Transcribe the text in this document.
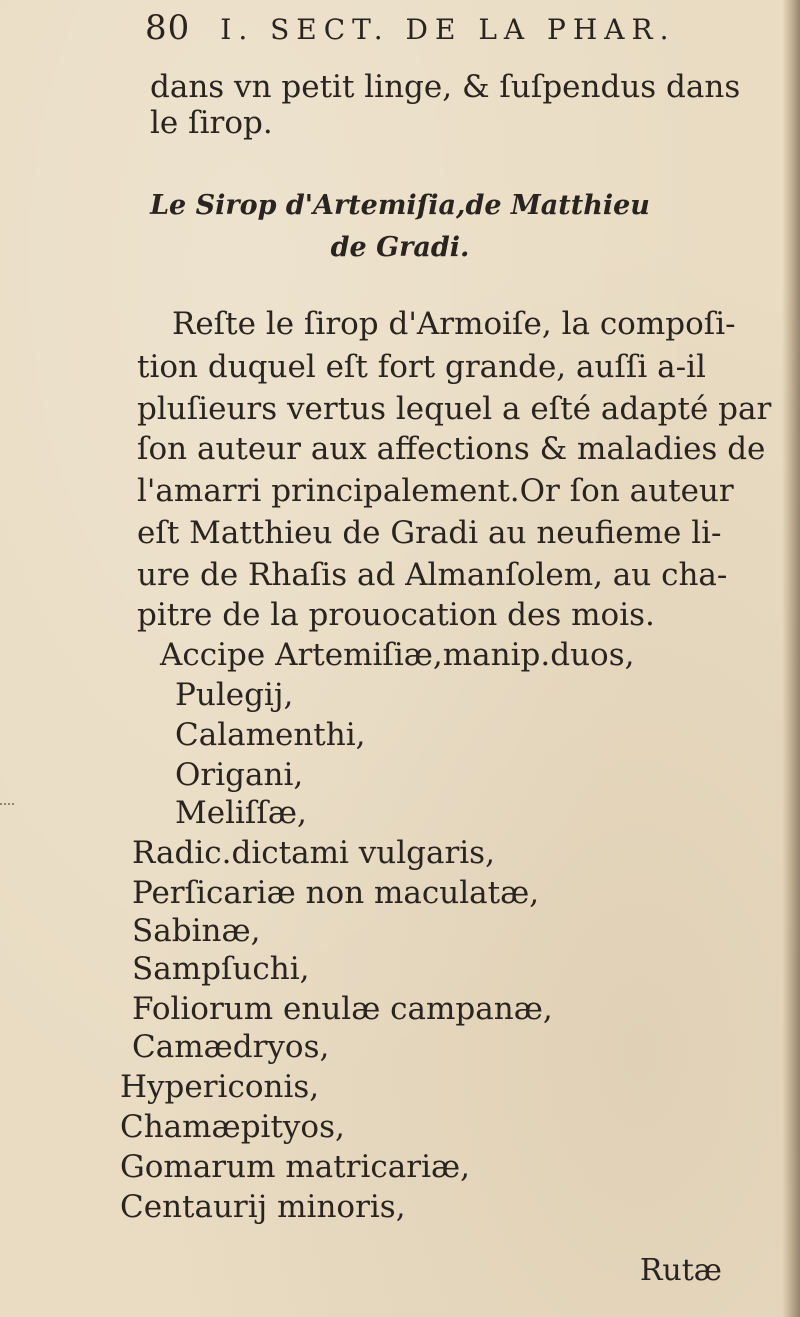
80 I. SECT. DE LA PHAR.
dans vn petit linge, & ſuſpendus dans
le ſirop.
Le Sirop d'Artemiſia,de Matthieu
de Gradi.
Reſte le ſirop d'Armoiſe, la compoſi-
tion duquel eſt fort grande, auſſi a-il
pluſieurs vertus lequel a eſté adapté par
ſon auteur aux affections & maladies de
l'amarri principalement.Or ſon auteur
eſt Matthieu de Gradi au neufieme li-
ure de Rhaſis ad Almanſolem, au cha-
pitre de la prouocation des mois.
Accipe Artemiſiæ,manip.duos,
Pulegij,
Calamenthi,
Origani,
Meliſſæ,
Radic.dictami vulgaris,
Perſicariæ non maculatæ,
Sabinæ,
Sampſuchi,
Foliorum enulæ campanæ,
Camædryos,
Hypericonis,
Chamæpityos,
Gomarum matricariæ,
Centaurij minoris,
Rutæ
